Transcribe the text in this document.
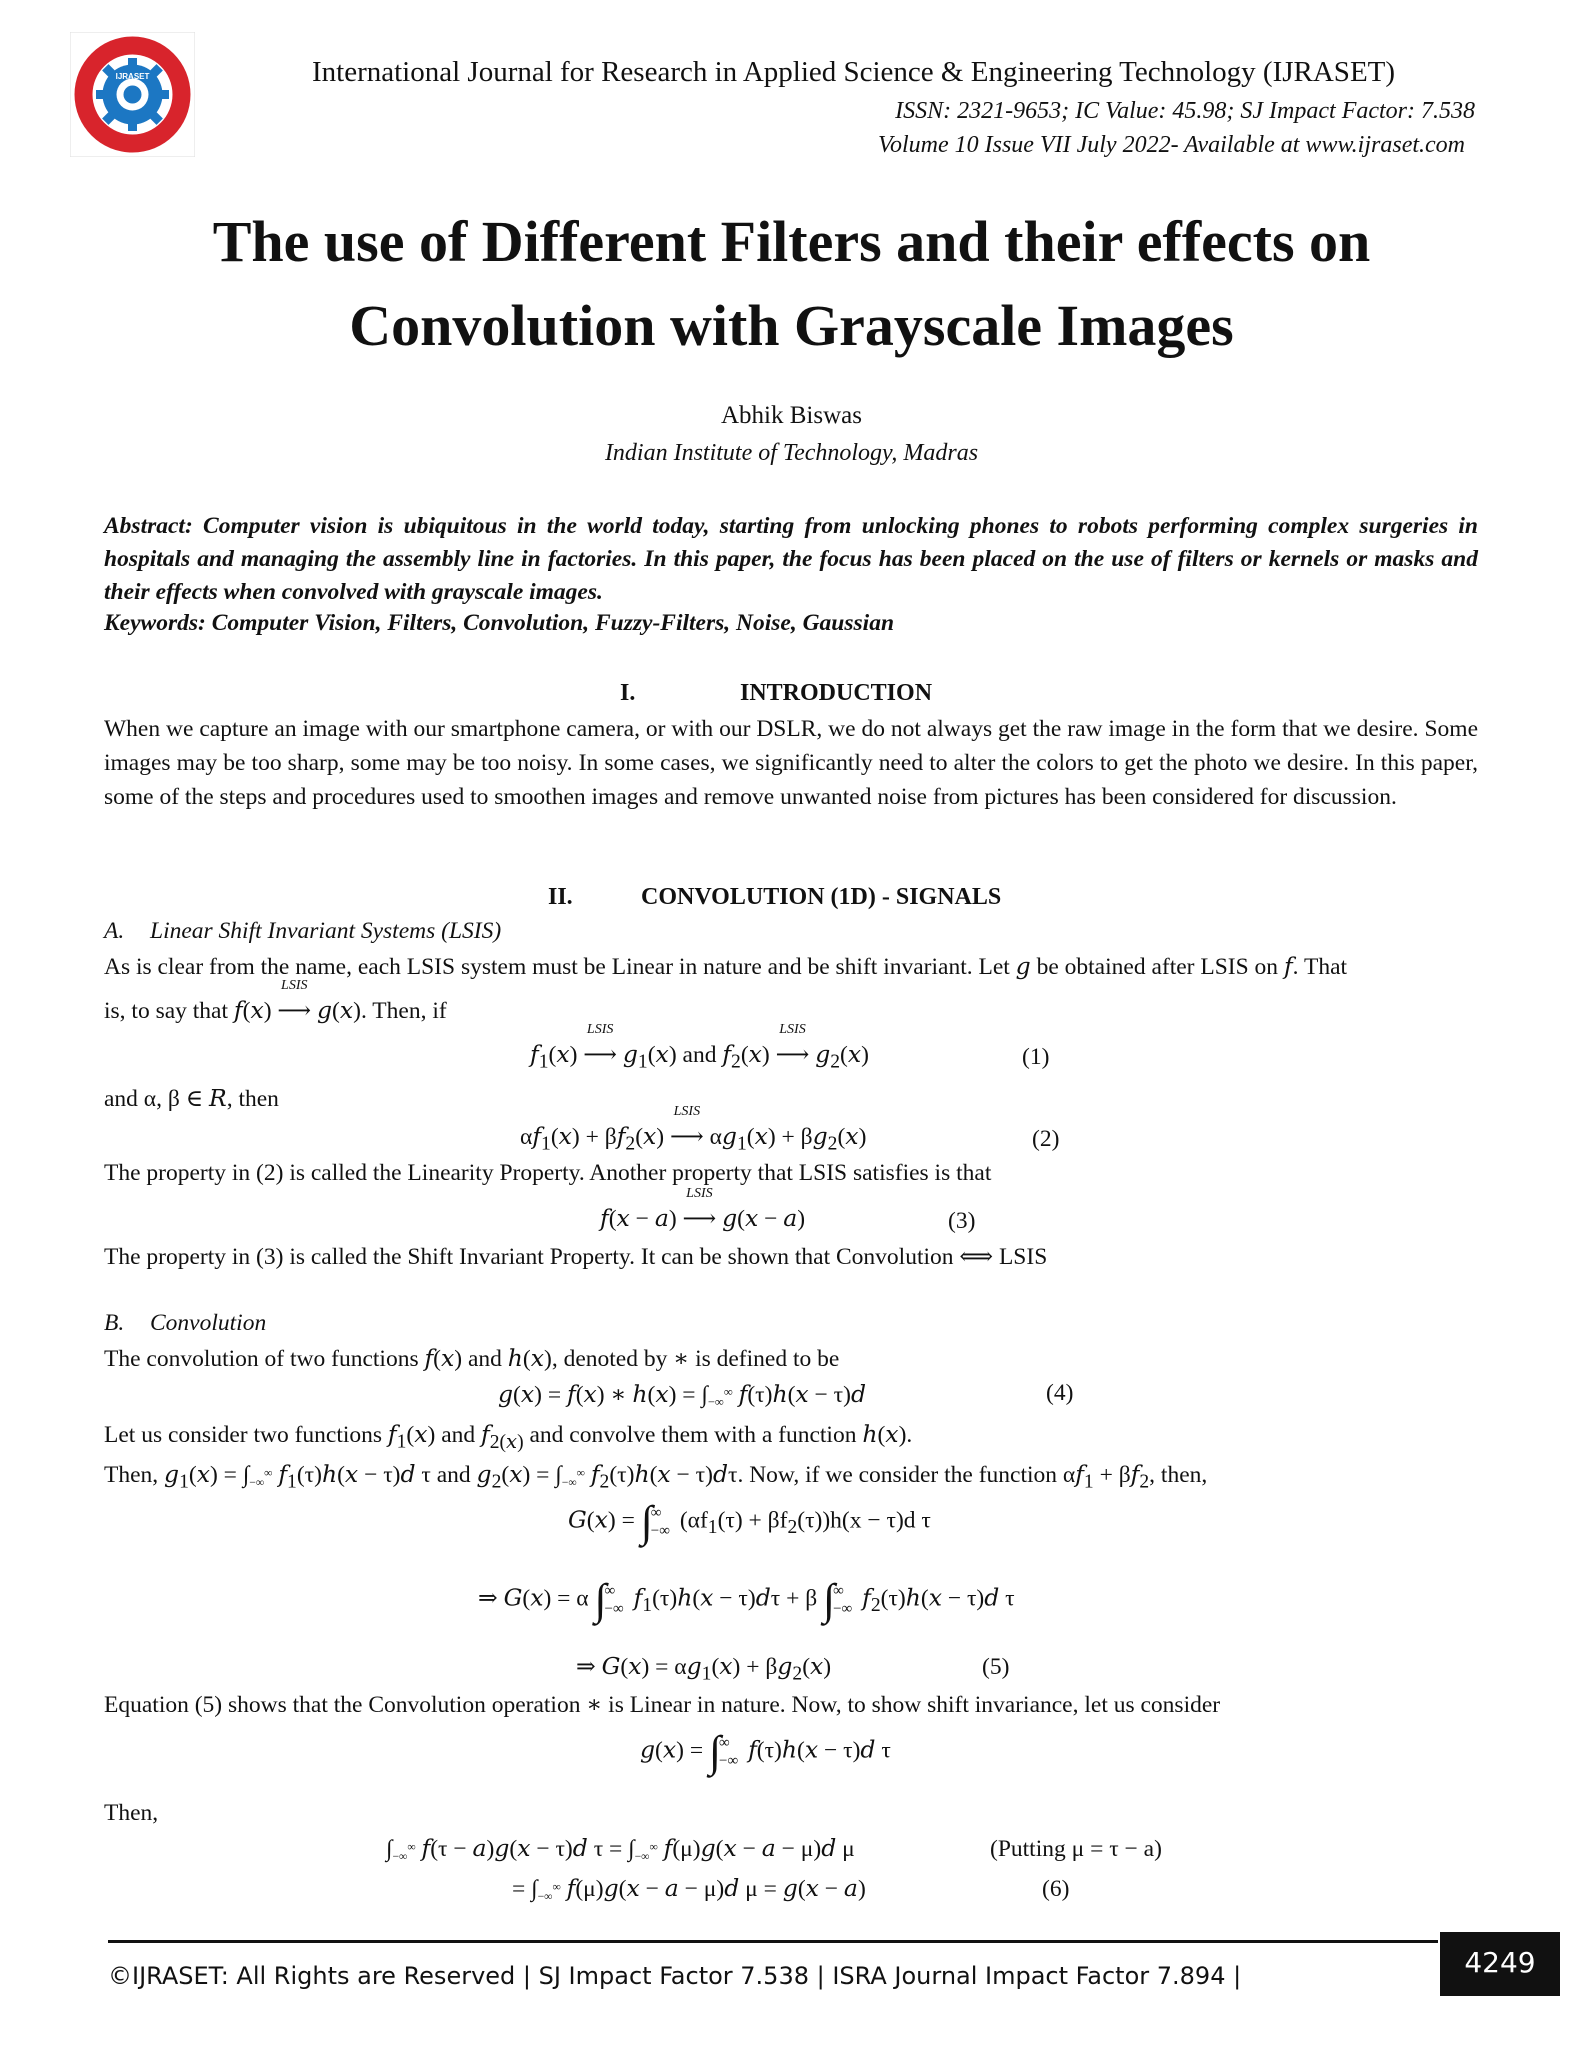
IJRASET	International Journal for Research in Applied Science & Engineering Technology (IJRASET)
ISSN: 2321-9653; IC Value: 45.98; SJ Impact Factor: 7.538
Volume 10 Issue VII July 2022- Available at www.ijraset.com
The use of Different Filters and their effects on
Convolution with Grayscale Images
Abhik Biswas
Indian Institute of Technology, Madras
Abstract: Computer vision is ubiquitous in the world today, starting from unlocking phones to robots performing complex surgeries in hospitals and managing the assembly line in factories. In this paper, the focus has been placed on the use of filters or kernels or masks and their effects when convolved with grayscale images.
Keywords: Computer Vision, Filters, Convolution, Fuzzy-Filters, Noise, Gaussian
I.	INTRODUCTION
When we capture an image with our smartphone camera, or with our DSLR, we do not always get the raw image in the form that we desire. Some images may be too sharp, some may be too noisy. In some cases, we significantly need to alter the colors to get the photo we desire. In this paper, some of the steps and procedures used to smoothen images and remove unwanted noise from pictures has been considered for discussion.
II.	CONVOLUTION (1D) - SIGNALS
A. Linear Shift Invariant Systems (LSIS)
As is clear from the name, each LSIS system must be Linear in nature and be shift invariant. Let g be obtained after LSIS on f. That
is, to say that f(x)
LSIS
⟶ g(x). Then, if
$f_1(x)$
LSIS
⟶ $g_1(x)$ and $f_2(x)$
LSIS
⟶ $g_2(x)$	(1)
and α, β ∈ R, then
$\alpha f_1(x) + \beta f_2(x)$
LSIS
⟶ $\alpha g_1(x) + \beta g_2(x)$	(2)
The property in (2) is called the Linearity Property. Another property that LSIS satisfies is that
f(x − a)
LSIS
⟶ g(x − a)	(3)
The property in (3) is called the Shift Invariant Property. It can be shown that Convolution ⟺ LSIS
B. Convolution
The convolution of two functions f(x) and h(x), denoted by ∗ is defined to be
g(x) = f(x) ∗ $h(x) = \int_{-\infty}^\infty$ f(τ)h(x − τ)d	(4)
Let us consider two functions $f_1(x)$ and $f_{2(x)}$ and convolve them with a function h(x).
Then, $g_1(x) = \int_{-\infty}^\infty$ $f_1(\tau)h(x - \tau)d$ τ and $g_2(x) = \int_{-\infty}^\infty$ $f_2(\tau)h(x - \tau)d\tau$. Now, if we consider the function $\alpha f_1 + \beta f_2$, then,
G(x) = ∫∞
−∞ $(\alpha f_1(\tau) + \beta f_2(\tau))h(x - \tau)d$ τ
⇒ G(x) = α ∫∞
−∞ $f_1(\tau)h(x - \tau)d\tau + \beta$ ∫∞
−∞ $f_2(\tau)h(x - \tau)d$ τ
⇒ $G(x) = \alpha g_1(x) + \beta g_2(x)$	(5)
Equation (5) shows that the Convolution operation ∗ is Linear in nature. Now, to show shift invariance, let us consider
g(x) = ∫∞
−∞ f(τ)h(x − τ)d τ
Then,
$\int_{-\infty}^\infty$ f(τ − a)g(x − τ)d $\tau = \int_{-\infty}^\infty$ f(μ)g(x − a − μ)d μ	(Putting μ = τ − a)
= $\int_{-\infty}^\infty$ f(μ)g(x − a − μ)d μ = g(x − a)	(6)
©IJRASET: All Rights are Reserved | SJ Impact Factor 7.538 | ISRA Journal Impact Factor 7.894 |	4249
